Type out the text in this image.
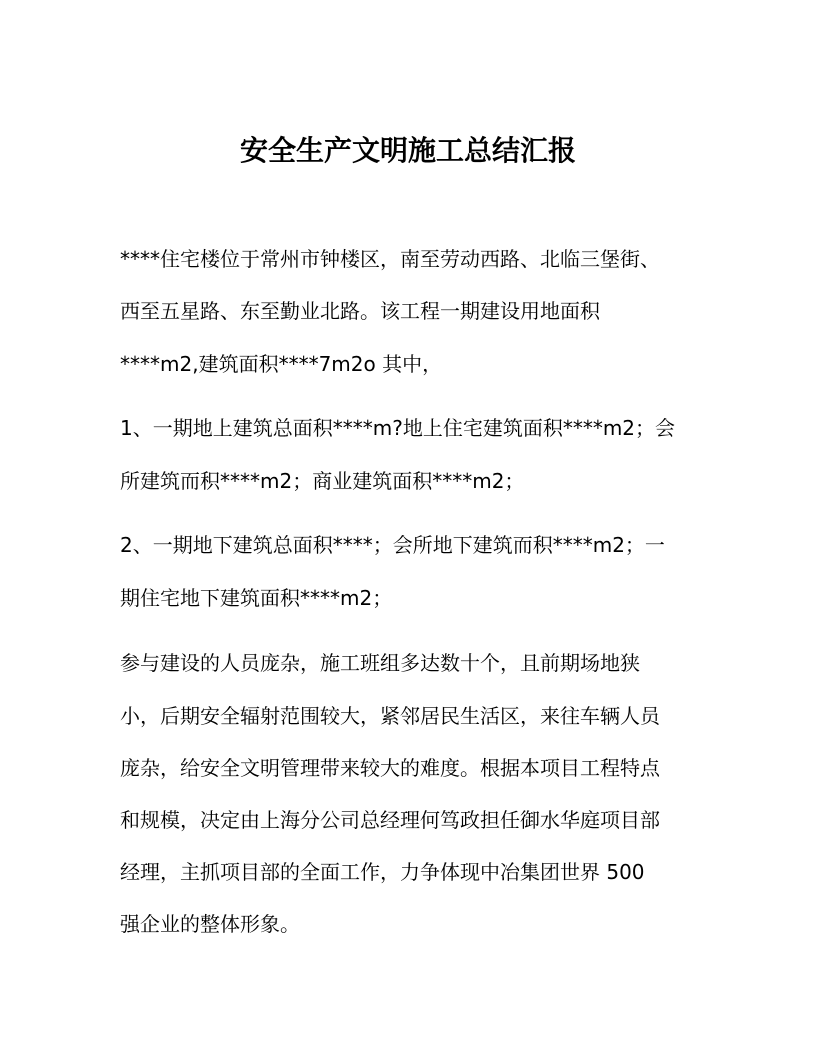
安全生产文明施工总结汇报
****住宅楼位于常州市钟楼区，南至劳动西路、北临三堡街、
西至五星路、东至勤业北路。该工程一期建设用地面积
****m2,建筑面积****7m2o 其中，
1、一期地上建筑总面积****m?地上住宅建筑面积****m2；会
所建筑而积****m2；商业建筑面积****m2；
2、一期地下建筑总面积****；会所地下建筑而积****m2；一
期住宅地下建筑面积****m2；
参与建设的人员庞杂，施工班组多达数十个，且前期场地狭
小，后期安全辐射范围较大，紧邻居民生活区，来往车辆人员
庞杂，给安全文明管理带来较大的难度。根据本项目工程特点
和规模，决定由上海分公司总经理何笃政担任御水华庭项目部
经理，主抓项目部的全面工作，力争体现中冶集团世界 500
强企业的整体形象。
